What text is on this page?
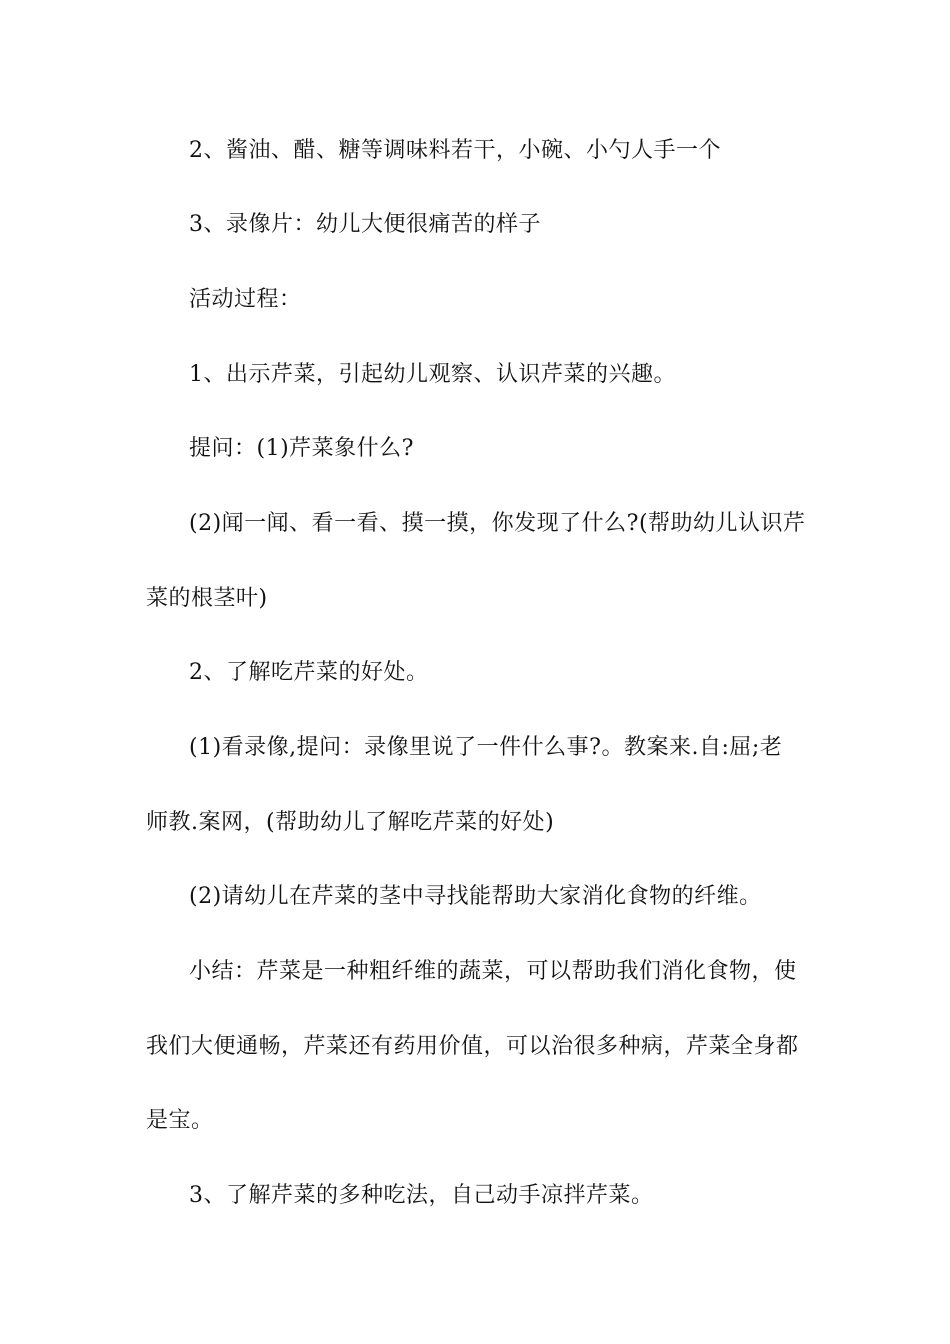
2、酱油、醋、糖等调味料若干，小碗、小勺人手一个
3、录像片：幼儿大便很痛苦的样子
活动过程：
1、出示芹菜，引起幼儿观察、认识芹菜的兴趣。
提问：(1)芹菜象什么?
(2)闻一闻、看一看、摸一摸，你发现了什么?(帮助幼儿认识芹
菜的根茎叶)
2、了解吃芹菜的好处。
(1)看录像,提问：录像里说了一件什么事?。教案来.自:屈;老
师教.案网，(帮助幼儿了解吃芹菜的好处)
(2)请幼儿在芹菜的茎中寻找能帮助大家消化食物的纤维。
小结：芹菜是一种粗纤维的蔬菜，可以帮助我们消化食物，使
我们大便通畅，芹菜还有药用价值，可以治很多种病，芹菜全身都
是宝。
3、了解芹菜的多种吃法，自己动手凉拌芹菜。
